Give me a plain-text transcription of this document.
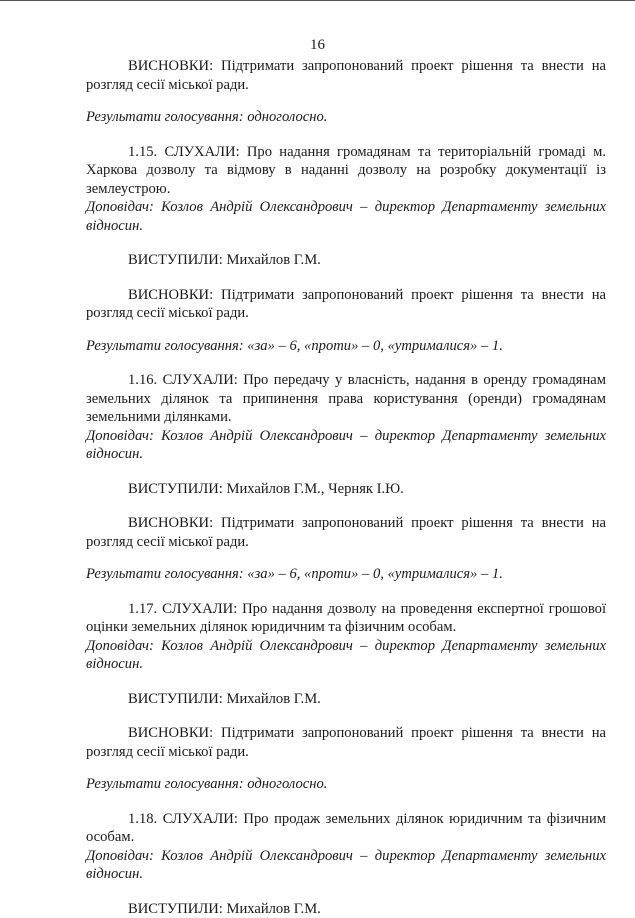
16

ВИСНОВКИ: Підтримати запропонований проект рішення та внести на розгляд сесії міської ради.

Результати голосування: одноголосно.

1.15. СЛУХАЛИ: Про надання громадянам та територіальній громаді м. Харкова дозволу та відмову в наданні дозволу на розробку документації із землеустрою.

Доповідач: Козлов Андрій Олександрович – директор Департаменту земельних відносин.

ВИСТУПИЛИ: Михайлов Г.М.

ВИСНОВКИ: Підтримати запропонований проект рішення та внести на розгляд сесії міської ради.

Результати голосування: «за» – 6, «проти» – 0, «утрималися» – 1.

1.16. СЛУХАЛИ: Про передачу у власність, надання в оренду громадянам земельних ділянок та припинення права користування (оренди) громадянам земельними ділянками.

Доповідач: Козлов Андрій Олександрович – директор Департаменту земельних відносин.

ВИСТУПИЛИ: Михайлов Г.М., Черняк І.Ю.

ВИСНОВКИ: Підтримати запропонований проект рішення та внести на розгляд сесії міської ради.

Результати голосування: «за» – 6, «проти» – 0, «утрималися» – 1.

1.17. СЛУХАЛИ: Про надання дозволу на проведення експертної грошової оцінки земельних ділянок юридичним та фізичним особам.

Доповідач: Козлов Андрій Олександрович – директор Департаменту земельних відносин.

ВИСТУПИЛИ: Михайлов Г.М.

ВИСНОВКИ: Підтримати запропонований проект рішення та внести на розгляд сесії міської ради.

Результати голосування: одноголосно.

1.18. СЛУХАЛИ: Про продаж земельних ділянок юридичним та фізичним особам.

Доповідач: Козлов Андрій Олександрович – директор Департаменту земельних відносин.

ВИСТУПИЛИ: Михайлов Г.М.
